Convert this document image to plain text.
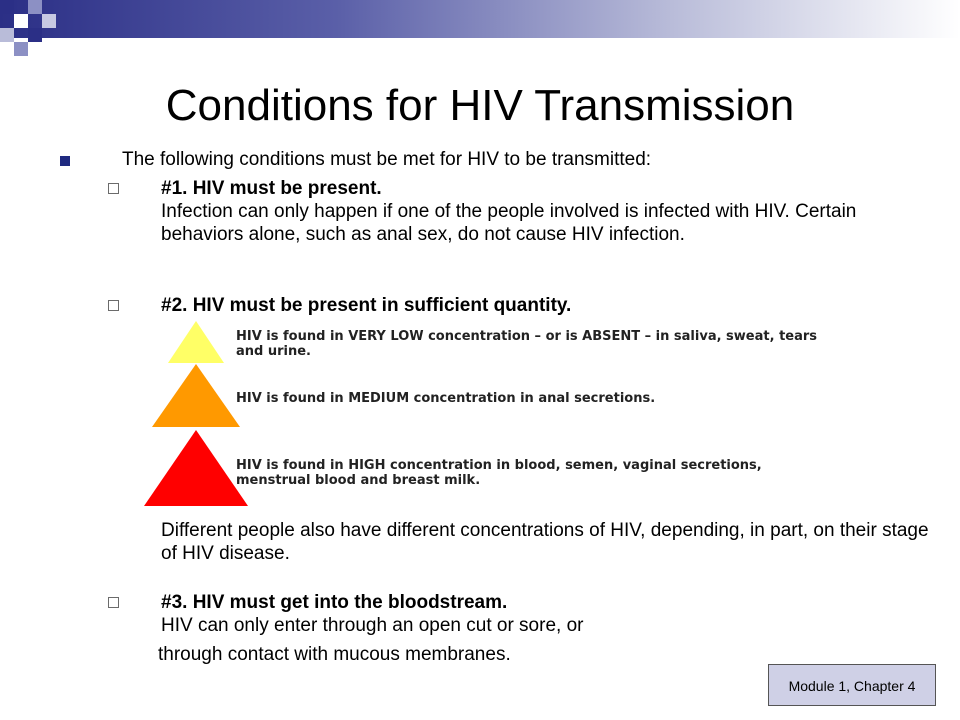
Conditions for HIV Transmission
The following conditions must be met for HIV to be transmitted:
#1. HIV must be present.
Infection can only happen if one of the people involved is infected with HIV. Certain behaviors alone, such as anal sex, do not cause HIV infection.
#2. HIV must be present in sufficient quantity.
HIV is found in VERY LOW concentration – or is ABSENT – in saliva, sweat, tears and urine.
HIV is found in MEDIUM concentration in anal secretions.
HIV is found in HIGH concentration in blood, semen, vaginal secretions, menstrual blood and breast milk.
Different people also have different concentrations of HIV, depending, in part, on their stage of HIV disease.
#3. HIV must get into the bloodstream.
HIV can only enter through an open cut or sore, or
through contact with mucous membranes.
Module 1, Chapter 4
